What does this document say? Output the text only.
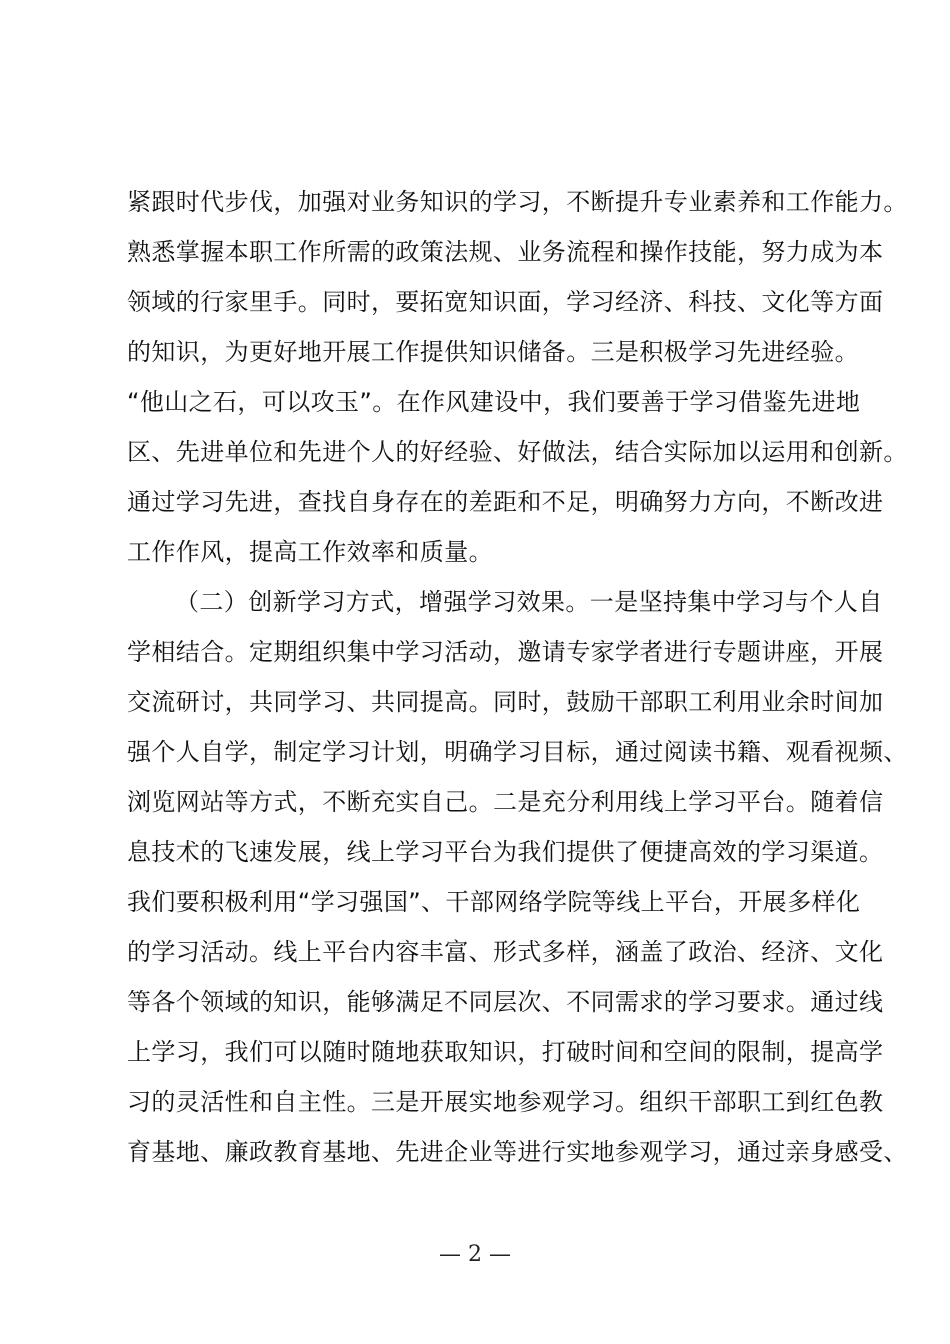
紧跟时代步伐，加强对业务知识的学习，不断提升专业素养和工作能力。
熟悉掌握本职工作所需的政策法规、业务流程和操作技能，努力成为本
领域的行家里手。同时，要拓宽知识面，学习经济、科技、文化等方面
的知识，为更好地开展工作提供知识储备。三是积极学习先进经验。
“他山之石，可以攻玉”。在作风建设中，我们要善于学习借鉴先进地
区、先进单位和先进个人的好经验、好做法，结合实际加以运用和创新。
通过学习先进，查找自身存在的差距和不足，明确努力方向，不断改进
工作作风，提高工作效率和质量。
（二）创新学习方式，增强学习效果。一是坚持集中学习与个人自
学相结合。定期组织集中学习活动，邀请专家学者进行专题讲座，开展
交流研讨，共同学习、共同提高。同时，鼓励干部职工利用业余时间加
强个人自学，制定学习计划，明确学习目标，通过阅读书籍、观看视频、
浏览网站等方式，不断充实自己。二是充分利用线上学习平台。随着信
息技术的飞速发展，线上学习平台为我们提供了便捷高效的学习渠道。
我们要积极利用“学习强国”、干部网络学院等线上平台，开展多样化
的学习活动。线上平台内容丰富、形式多样，涵盖了政治、经济、文化
等各个领域的知识，能够满足不同层次、不同需求的学习要求。通过线
上学习，我们可以随时随地获取知识，打破时间和空间的限制，提高学
习的灵活性和自主性。三是开展实地参观学习。组织干部职工到红色教
育基地、廉政教育基地、先进企业等进行实地参观学习，通过亲身感受、
— 2 —
